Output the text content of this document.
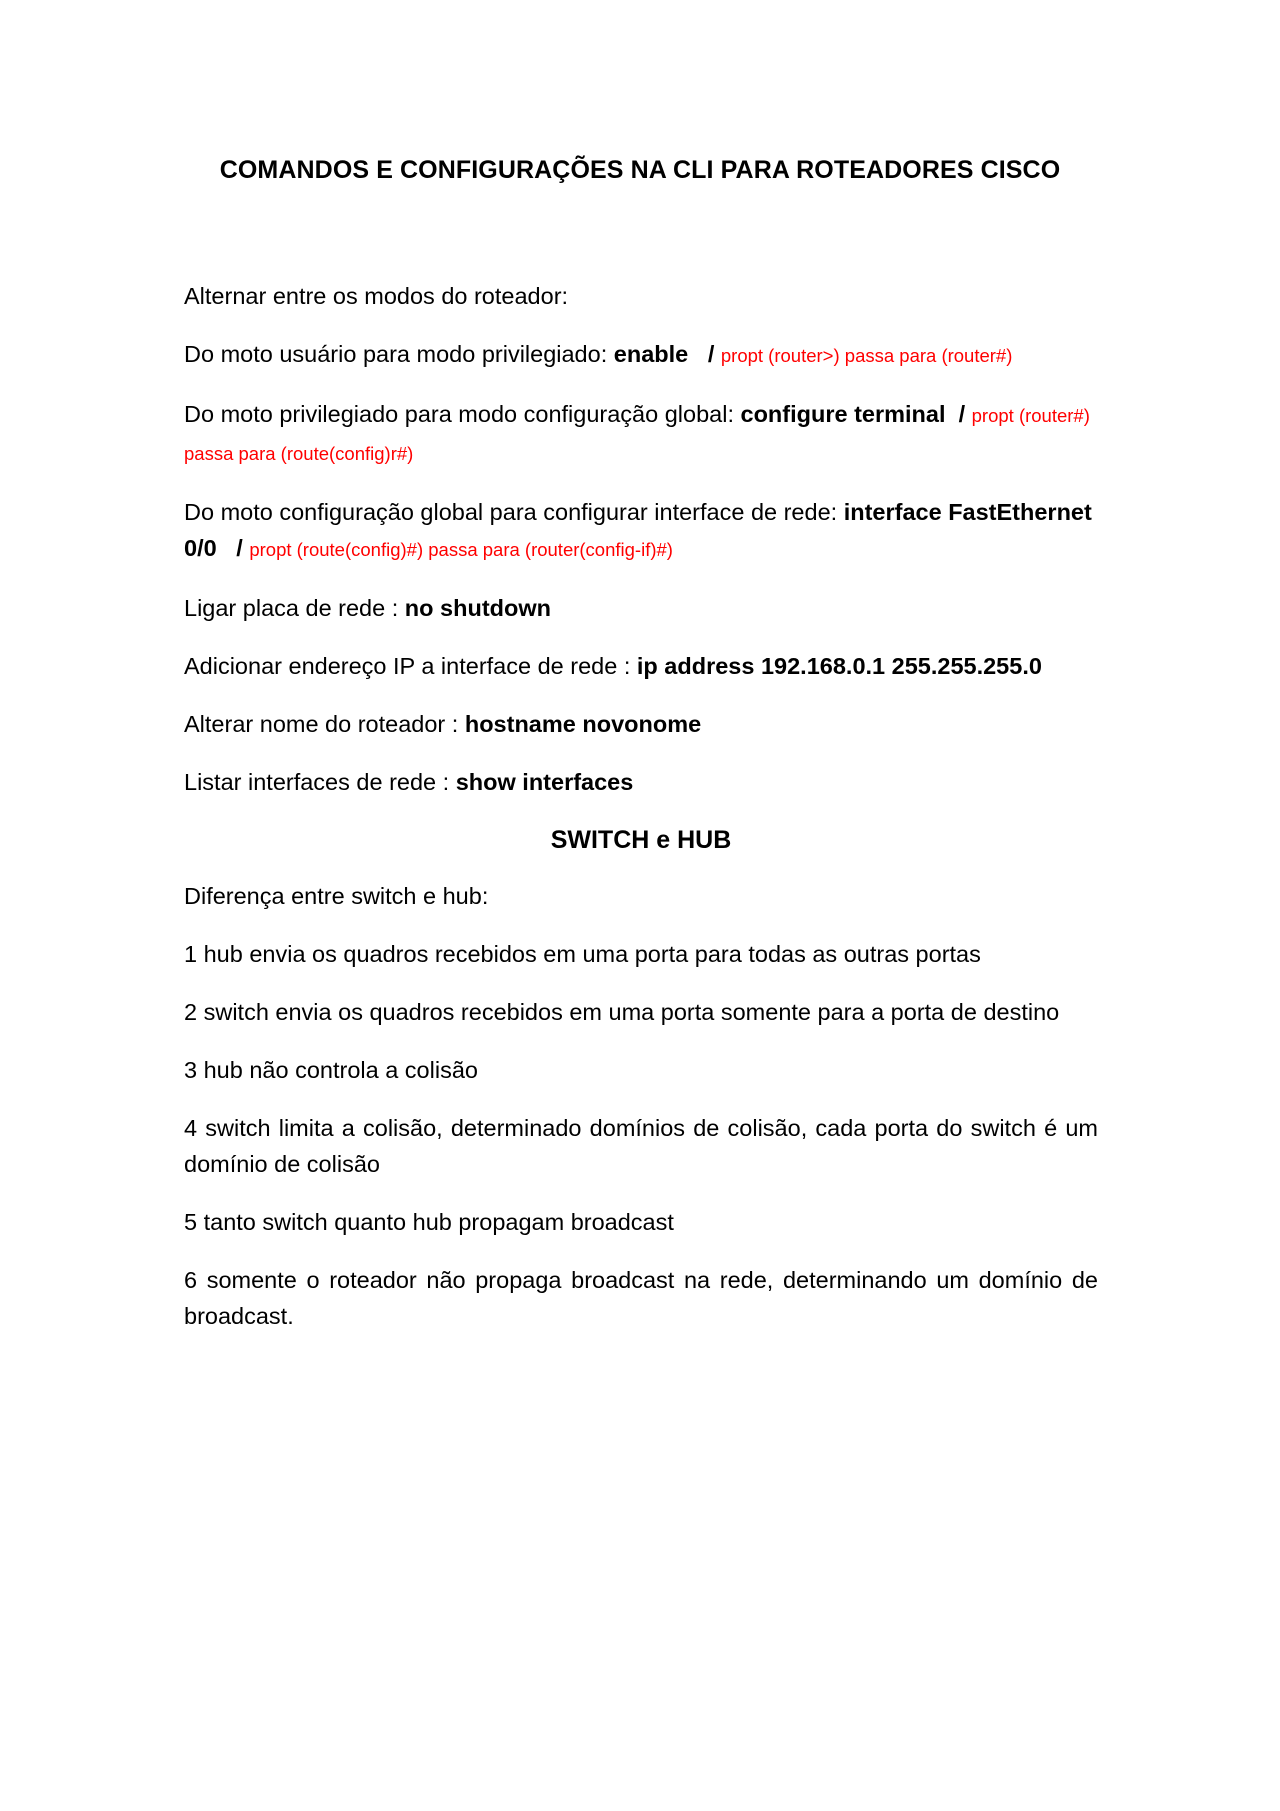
COMANDOS E CONFIGURAÇÕES NA CLI PARA ROTEADORES CISCO

Alternar entre os modos do roteador:

Do moto usuário para modo privilegiado: enable / propt (router>) passa para (router#)

Do moto privilegiado para modo configuração global: configure terminal / propt (router#) passa para (route(config)r#)

Do moto configuração global para configurar interface de rede: interface FastEthernet 0/0 / propt (route(config)#) passa para (router(config-if)#)

Ligar placa de rede : no shutdown

Adicionar endereço IP a interface de rede : ip address 192.168.0.1 255.255.255.0

Alterar nome do roteador : hostname novonome

Listar interfaces de rede : show interfaces

SWITCH e HUB

Diferença entre switch e hub:

1 hub envia os quadros recebidos em uma porta para todas as outras portas

2 switch envia os quadros recebidos em uma porta somente para a porta de destino

3 hub não controla a colisão

4 switch limita a colisão, determinado domínios de colisão, cada porta do switch é um domínio de colisão

5 tanto switch quanto hub propagam broadcast

6 somente o roteador não propaga broadcast na rede, determinando um domínio de broadcast.
